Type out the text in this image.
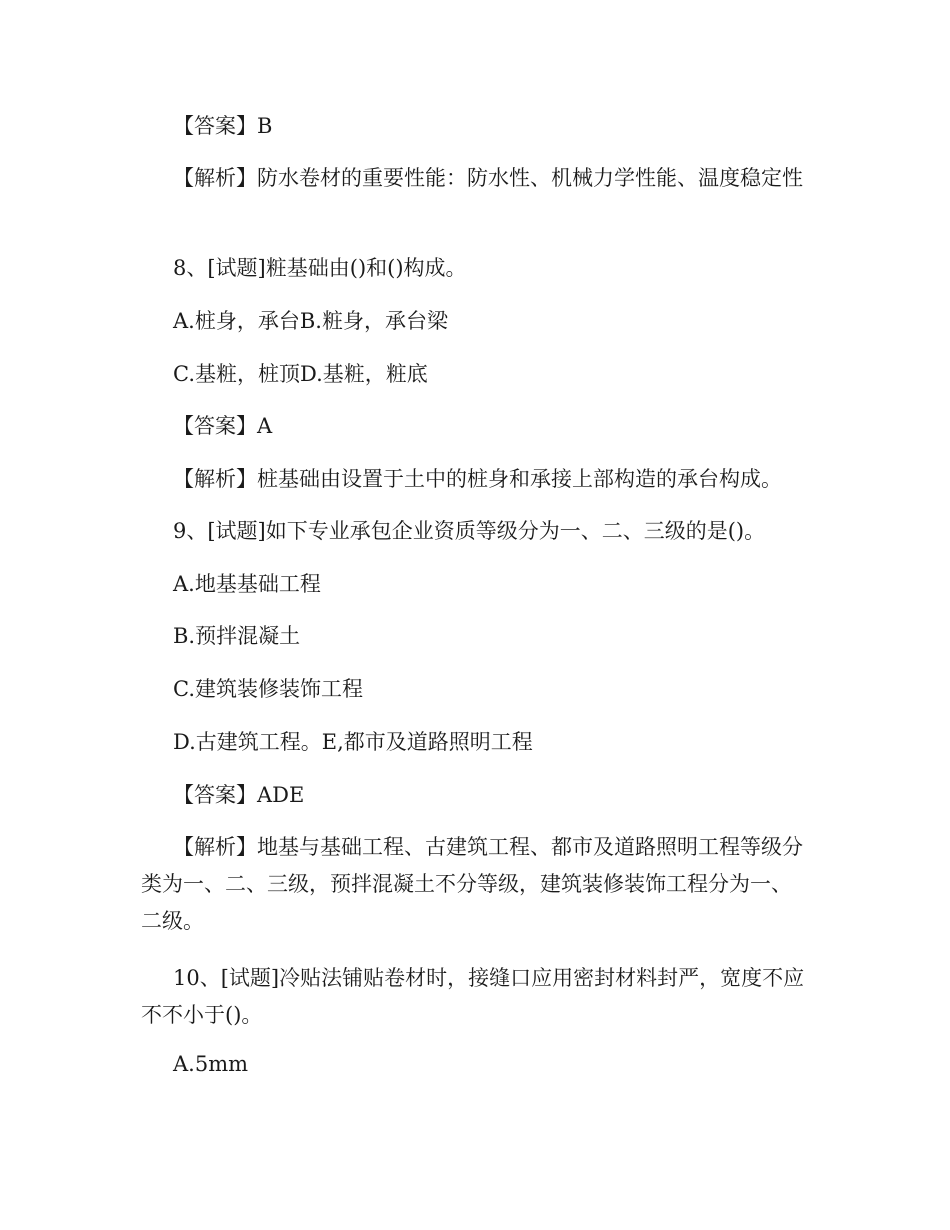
【答案】B
【解析】防水卷材的重要性能：防水性、机械力学性能、温度稳定性
8、[试题]粧基础由()和()构成。
A.桩身，承台B.粧身，承台梁
C.基粧，桩顶D.基粧，粧底
【答案】A
【解析】桩基础由设置于土中的桩身和承接上部构造的承台构成。
9、[试题]如下专业承包企业资质等级分为一、二、三级的是()。
A.地基基础工程
B.预拌混凝土
C.建筑装修装饰工程
D.古建筑工程。E,都市及道路照明工程
【答案】ADE
【解析】地基与基础工程、古建筑工程、都市及道路照明工程等级分类为一、二、三级，预拌混凝土不分等级，建筑装修装饰工程分为一、二级。
10、[试题]冷贴法铺贴卷材时，接缝口应用密封材料封严，宽度不应不不小于()。
A.5mm
